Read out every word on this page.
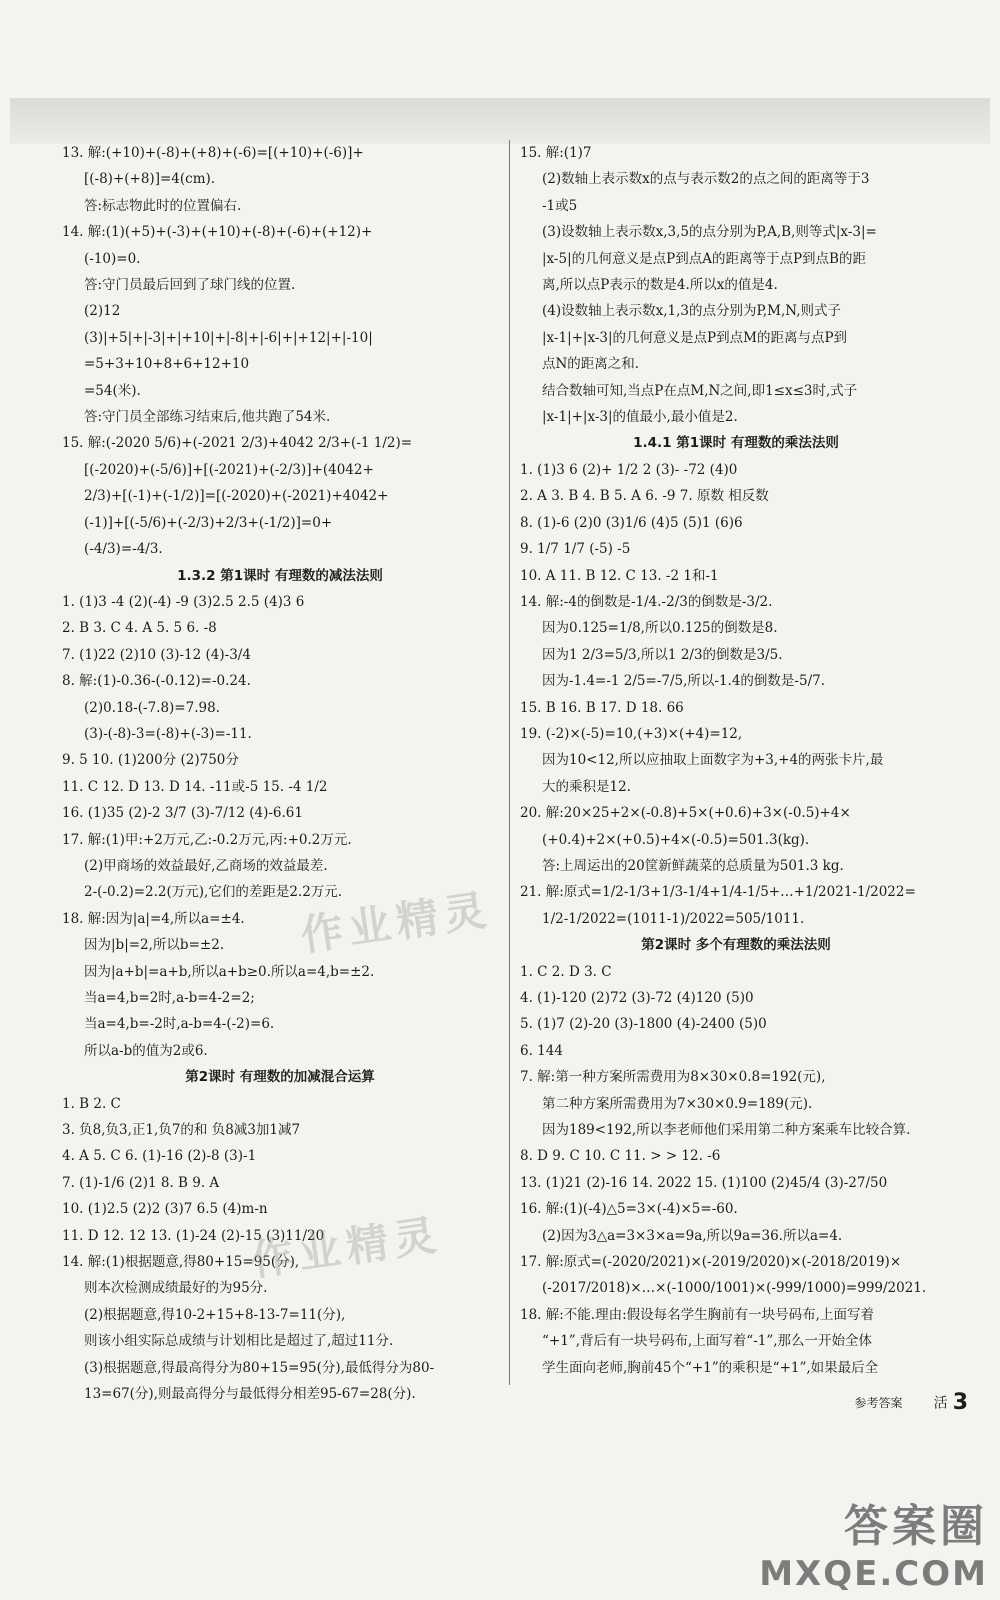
13. 解:(+10)+(-8)+(+8)+(-6)=[(+10)+(-6)]+
[(-8)+(+8)]=4(cm).
答:标志物此时的位置偏右.
14. 解:(1)(+5)+(-3)+(+10)+(-8)+(-6)+(+12)+
(-10)=0.
答:守门员最后回到了球门线的位置.
(2)12
(3)|+5|+|-3|+|+10|+|-8|+|-6|+|+12|+|-10|
=5+3+10+8+6+12+10
=54(米).
答:守门员全部练习结束后,他共跑了54米.
15. 解:(-2020 5/6)+(-2021 2/3)+4042 2/3+(-1 1/2)=
[(-2020)+(-5/6)]+[(-2021)+(-2/3)]+(4042+
2/3)+[(-1)+(-1/2)]=[(-2020)+(-2021)+4042+
(-1)]+[(-5/6)+(-2/3)+2/3+(-1/2)]=0+
(-4/3)=-4/3.
1.3.2 第1课时 有理数的减法法则
1. (1)3 -4 (2)(-4) -9 (3)2.5 2.5 (4)3 6
2. B 3. C 4. A 5. 5 6. -8
7. (1)22 (2)10 (3)-12 (4)-3/4
8. 解:(1)-0.36-(-0.12)=-0.24.
(2)0.18-(-7.8)=7.98.
(3)-(-8)-3=(-8)+(-3)=-11.
9. 5 10. (1)200分 (2)750分
11. C 12. D 13. D 14. -11或-5 15. -4 1/2
16. (1)35 (2)-2 3/7 (3)-7/12 (4)-6.61
17. 解:(1)甲:+2万元,乙:-0.2万元,丙:+0.2万元.
(2)甲商场的效益最好,乙商场的效益最差.
2-(-0.2)=2.2(万元),它们的差距是2.2万元.
18. 解:因为|a|=4,所以a=±4.
因为|b|=2,所以b=±2.
因为|a+b|=a+b,所以a+b≥0.所以a=4,b=±2.
当a=4,b=2时,a-b=4-2=2;
当a=4,b=-2时,a-b=4-(-2)=6.
所以a-b的值为2或6.
第2课时 有理数的加减混合运算
1. B 2. C
3. 负8,负3,正1,负7的和 负8减3加1减7
4. A 5. C 6. (1)-16 (2)-8 (3)-1
7. (1)-1/6 (2)1 8. B 9. A
10. (1)2.5 (2)2 (3)7 6.5 (4)m-n
11. D 12. 12 13. (1)-24 (2)-15 (3)11/20
14. 解:(1)根据题意,得80+15=95(分),
则本次检测成绩最好的为95分.
(2)根据题意,得10-2+15+8-13-7=11(分),
则该小组实际总成绩与计划相比是超过了,超过11分.
(3)根据题意,得最高得分为80+15=95(分),最低得分为80-
13=67(分),则最高得分与最低得分相差95-67=28(分).
15. 解:(1)7
(2)数轴上表示数x的点与表示数2的点之间的距离等于3
-1或5
(3)设数轴上表示数x,3,5的点分别为P,A,B,则等式|x-3|=
|x-5|的几何意义是点P到点A的距离等于点P到点B的距
离,所以点P表示的数是4.所以x的值是4.
(4)设数轴上表示数x,1,3的点分别为P,M,N,则式子
|x-1|+|x-3|的几何意义是点P到点M的距离与点P到
点N的距离之和.
结合数轴可知,当点P在点M,N之间,即1≤x≤3时,式子
|x-1|+|x-3|的值最小,最小值是2.
1.4.1 第1课时 有理数的乘法法则
1. (1)3 6 (2)+ 1/2 2 (3)- -72 (4)0
2. A 3. B 4. B 5. A 6. -9 7. 原数 相反数
8. (1)-6 (2)0 (3)1/6 (4)5 (5)1 (6)6
9. 1/7 1/7 (-5) -5
10. A 11. B 12. C 13. -2 1和-1
14. 解:-4的倒数是-1/4.-2/3的倒数是-3/2.
因为0.125=1/8,所以0.125的倒数是8.
因为1 2/3=5/3,所以1 2/3的倒数是3/5.
因为-1.4=-1 2/5=-7/5,所以-1.4的倒数是-5/7.
15. B 16. B 17. D 18. 66
19. (-2)×(-5)=10,(+3)×(+4)=12,
因为10<12,所以应抽取上面数字为+3,+4的两张卡片,最
大的乘积是12.
20. 解:20×25+2×(-0.8)+5×(+0.6)+3×(-0.5)+4×
(+0.4)+2×(+0.5)+4×(-0.5)=501.3(kg).
答:上周运出的20筐新鲜蔬菜的总质量为501.3 kg.
21. 解:原式=1/2-1/3+1/3-1/4+1/4-1/5+…+1/2021-1/2022=
1/2-1/2022=(1011-1)/2022=505/1011.
第2课时 多个有理数的乘法法则
1. C 2. D 3. C
4. (1)-120 (2)72 (3)-72 (4)120 (5)0
5. (1)7 (2)-20 (3)-1800 (4)-2400 (5)0
6. 144
7. 解:第一种方案所需费用为8×30×0.8=192(元),
第二种方案所需费用为7×30×0.9=189(元).
因为189<192,所以李老师他们采用第二种方案乘车比较合算.
8. D 9. C 10. C 11. > > 12. -6
13. (1)21 (2)-16 14. 2022 15. (1)100 (2)45/4 (3)-27/50
16. 解:(1)(-4)△5=3×(-4)×5=-60.
(2)因为3△a=3×3×a=9a,所以9a=36.所以a=4.
17. 解:原式=(-2020/2021)×(-2019/2020)×(-2018/2019)×
(-2017/2018)×…×(-1000/1001)×(-999/1000)=999/2021.
18. 解:不能.理由:假设每名学生胸前有一块号码布,上面写着
“+1”,背后有一块号码布,上面写着“-1”,那么一开始全体
学生面向老师,胸前45个“+1”的乘积是“+1”,如果最后全
作业精灵
作业精灵
参考答案 活 3
答案圈
MXQE.COM
